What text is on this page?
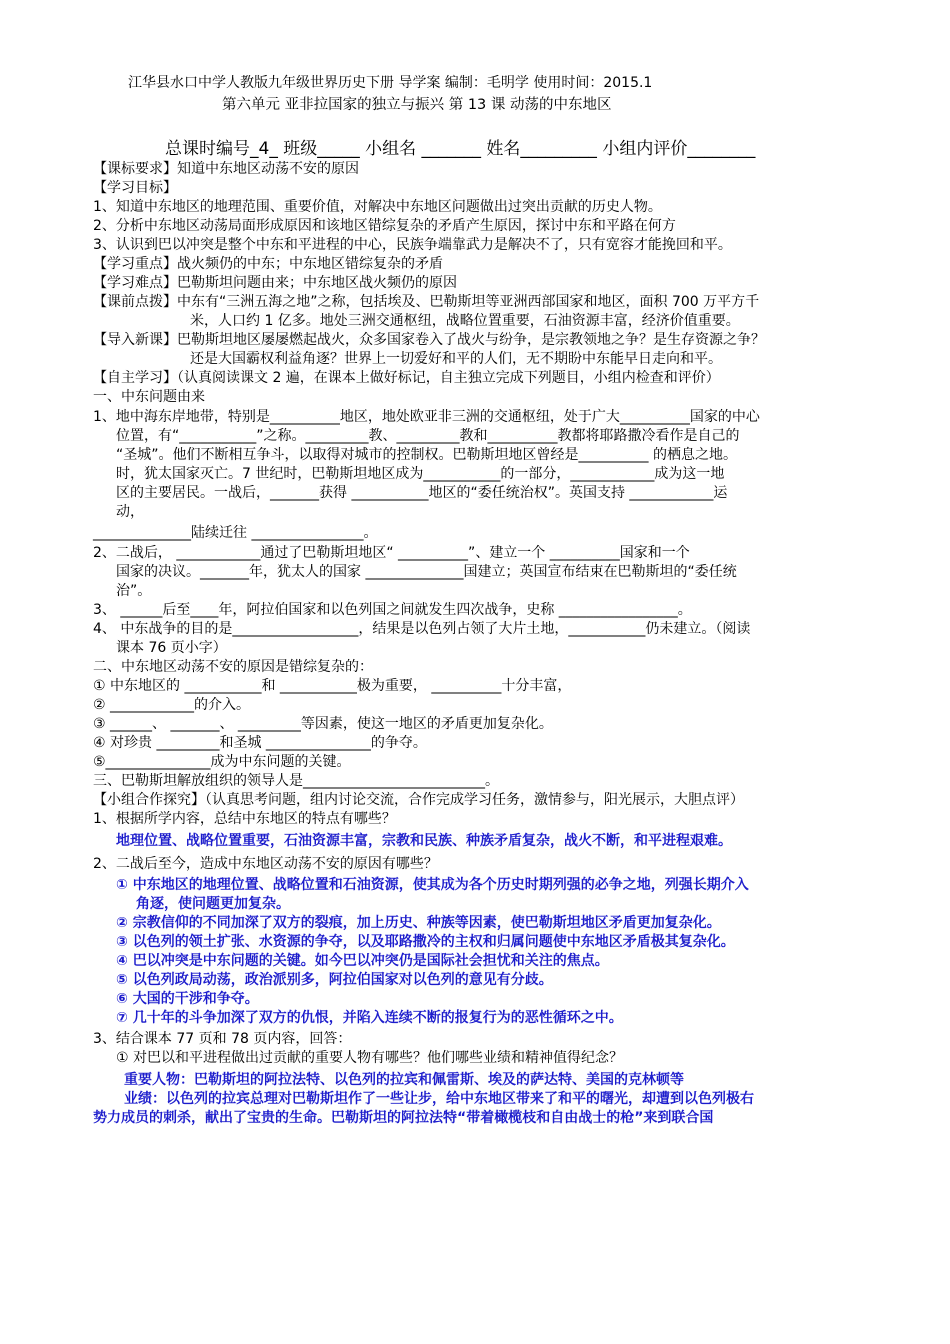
江华县水口中学人教版九年级世界历史下册 导学案 编制：毛明学 使用时间：2015.1
第六单元 亚非拉国家的独立与振兴 第 13 课 动荡的中东地区
总课时编号_4_ 班级_____ 小组名 _______ 姓名_________ 小组内评价________
【课标要求】知道中东地区动荡不安的原因
【学习目标】
1、知道中东地区的地理范围、重要价值，对解决中东地区问题做出过突出贡献的历史人物。
2、分析中东地区动荡局面形成原因和该地区错综复杂的矛盾产生原因，探讨中东和平路在何方
3、认识到巴以冲突是整个中东和平进程的中心，民族争端靠武力是解决不了，只有宽容才能挽回和平。
【学习重点】战火频仍的中东；中东地区错综复杂的矛盾
【学习难点】巴勒斯坦问题由来；中东地区战火频仍的原因
【课前点拨】中东有“三洲五海之地”之称，包括埃及、巴勒斯坦等亚洲西部国家和地区，面积 700 万平方千
米，人口约 1 亿多。地处三洲交通枢纽，战略位置重要，石油资源丰富，经济价值重要。
【导入新课】巴勒斯坦地区屡屡燃起战火，众多国家卷入了战火与纷争，是宗教领地之争？是生存资源之争？
还是大国霸权利益角逐？世界上一切爱好和平的人们，无不期盼中东能早日走向和平。
【自主学习】（认真阅读课文 2 遍，在课本上做好标记，自主独立完成下列题目，小组内检查和评价）
一、中东问题由来
1、地中海东岸地带，特别是__________地区，地处欧亚非三洲的交通枢纽，处于广大__________国家的中心
位置，有“___________”之称。_________教、_________教和__________教都将耶路撒冷看作是自己的
“圣城”。他们不断相互争斗，以取得对城市的控制权。巴勒斯坦地区曾经是__________ 的栖息之地。
时，犹太国家灭亡。7 世纪时，巴勒斯坦地区成为___________的一部分，____________成为这一地
区的主要居民。一战后，_______获得 ___________地区的“委任统治权”。英国支持 ____________运
动，
______________陆续迁往 ________________。
2、二战后， ____________通过了巴勒斯坦地区“ __________”、建立一个 __________国家和一个
国家的决议。_______年，犹太人的国家 ______________国建立；英国宣布结束在巴勒斯坦的“委任统
治”。
3、 ______后至____年，阿拉伯国家和以色列国之间就发生四次战争，史称 _________________。
4、 中东战争的目的是__________________，结果是以色列占领了大片土地，___________仍未建立。（阅读
课本 76 页小字）
二、中东地区动荡不安的原因是错综复杂的：
① 中东地区的 ___________和 ___________极为重要， __________十分丰富，
② ____________的介入。
③ ______、 _______、 _________等因素，使这一地区的矛盾更加复杂化。
④ 对珍贵 _________和圣城 _______________的争夺。
⑤_______________成为中东问题的关键。
三、巴勒斯坦解放组织的领导人是__________________________。
【小组合作探究】（认真思考问题，组内讨论交流，合作完成学习任务，激情参与，阳光展示，大胆点评）
1、根据所学内容，总结中东地区的特点有哪些？
地理位置、战略位置重要，石油资源丰富，宗教和民族、种族矛盾复杂，战火不断，和平进程艰难。
2、二战后至今，造成中东地区动荡不安的原因有哪些？
① 中东地区的地理位置、战略位置和石油资源，使其成为各个历史时期列强的必争之地，列强长期介入
角逐，使问题更加复杂。
② 宗教信仰的不同加深了双方的裂痕，加上历史、种族等因素，使巴勒斯坦地区矛盾更加复杂化。
③ 以色列的领土扩张、水资源的争夺，以及耶路撒冷的主权和归属问题使中东地区矛盾极其复杂化。
④ 巴以冲突是中东问题的关键。如今巴以冲突仍是国际社会担忧和关注的焦点。
⑤ 以色列政局动荡，政治派别多，阿拉伯国家对以色列的意见有分歧。
⑥ 大国的干涉和争夺。
⑦ 几十年的斗争加深了双方的仇恨，并陷入连续不断的报复行为的恶性循环之中。
3、结合课本 77 页和 78 页内容，回答：
① 对巴以和平进程做出过贡献的重要人物有哪些？他们哪些业绩和精神值得纪念？
重要人物：巴勒斯坦的阿拉法特、以色列的拉宾和佩雷斯、埃及的萨达特、美国的克林顿等
业绩：以色列的拉宾总理对巴勒斯坦作了一些让步，给中东地区带来了和平的曙光，却遭到以色列极右
势力成员的刺杀，献出了宝贵的生命。巴勒斯坦的阿拉法特“带着橄榄枝和自由战士的枪”来到联合国
